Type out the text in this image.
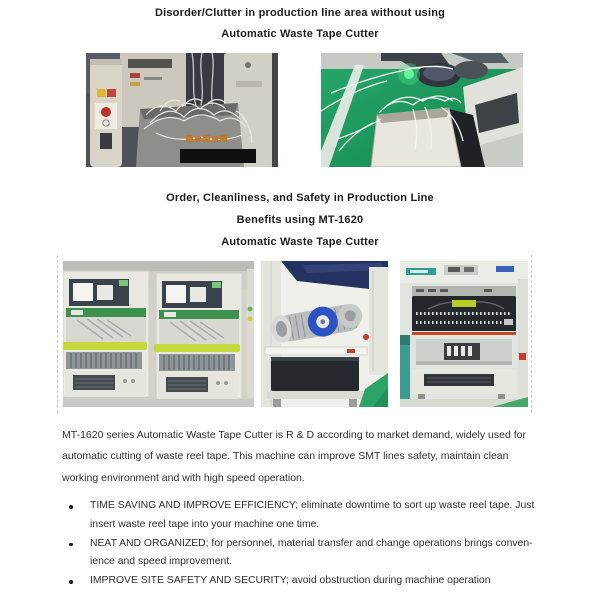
Disorder/Clutter in production line area without using
Automatic Waste Tape Cutter
Order, Cleanliness, and Safety in Production Line
Benefits using MT-1620
Automatic Waste Tape Cutter
MT-1620 series Automatic Waste Tape Cutter is R & D according to market demand, widely used for
automatic cutting of waste reel tape. This machine can improve SMT lines safety, maintain clean
working environment and with high speed operation.
TIME SAVING AND IMPROVE EFFICIENCY; eliminate downtime to sort up waste reel tape. Just
insert waste reel tape into your machine one time.
NEAT AND ORGANIZED; for personnel, material transfer and change operations brings conven-
ience and speed improvement.
IMPROVE SITE SAFETY AND SECURITY; avoid obstruction during machine operation
